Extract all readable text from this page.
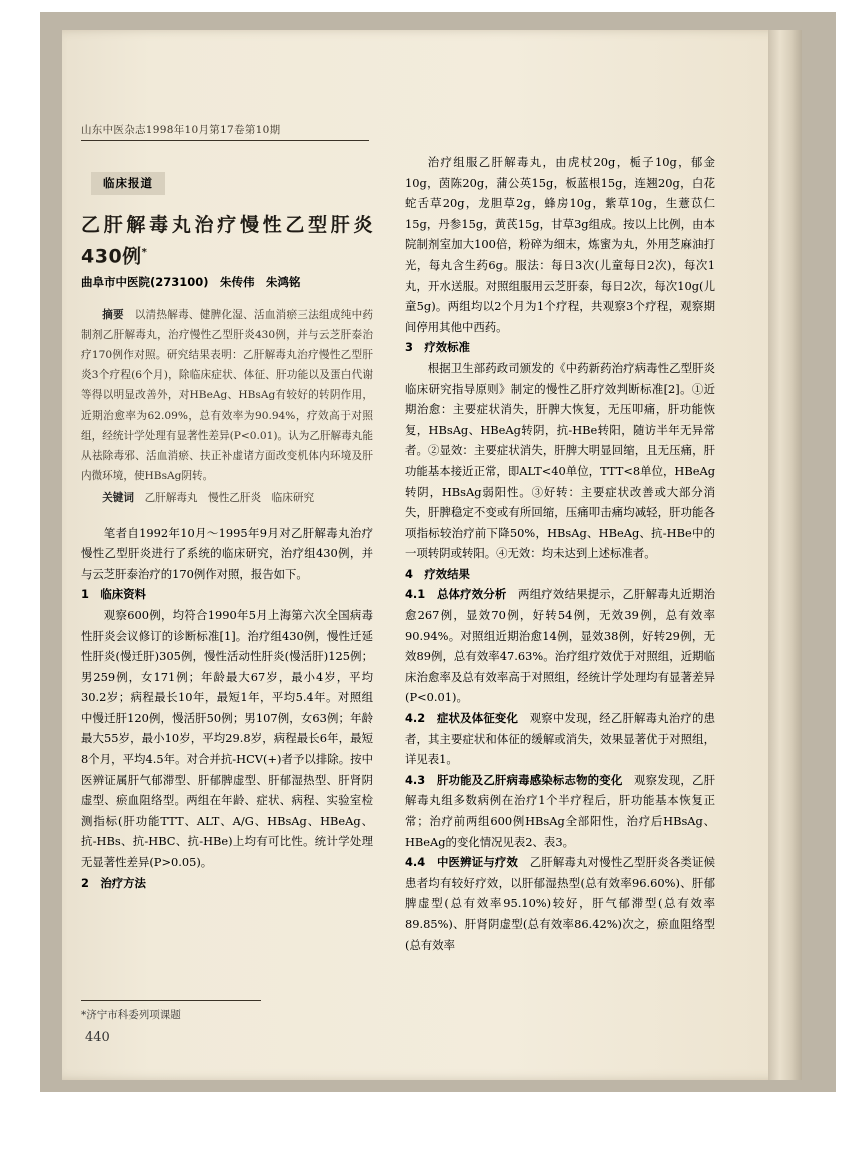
山东中医杂志1998年10月第17卷第10期
临床报道
乙肝解毒丸治疗慢性乙型肝炎430例*
曲阜市中医院(273100)　朱传伟　朱鸿铭

摘要　 以清热解毒、健脾化湿、活血消瘀三法组成纯中药制剂乙肝解毒丸，治疗慢性乙型肝炎430例，并与云芝肝泰治疗170例作对照。研究结果表明：乙肝解毒丸治疗慢性乙型肝炎3个疗程(6个月)，除临床症状、体征、肝功能以及蛋白代谢等得以明显改善外，对HBeAg、HBsAg有较好的转阴作用，近期治愈率为62.09%，总有效率为90.94%，疗效高于对照组，经统计学处理有显著性差异(P<0.01)。认为乙肝解毒丸能从祛除毒邪、活血消瘀、扶正补虚诸方面改变机体内环境及肝内微环境，使HBsAg阴转。

关键词　 乙肝解毒丸　慢性乙肝炎　临床研究

笔者自1992年10月～1995年9月对乙肝解毒丸治疗慢性乙型肝炎进行了系统的临床研究，治疗组430例，并与云芝肝泰治疗的170例作对照，报告如下。

1　临床资料

观察600例，均符合1990年5月上海第六次全国病毒性肝炎会议修订的诊断标准[1]。治疗组430例，慢性迁延性肝炎(慢迁肝)305例，慢性活动性肝炎(慢活肝)125例；男259例，女171例；年龄最大67岁，最小4岁，平均30.2岁；病程最长10年，最短1年，平均5.4年。对照组中慢迁肝120例，慢活肝50例；男107例，女63例；年龄最大55岁，最小10岁，平均29.8岁，病程最长6年，最短8个月，平均4.5年。对合并抗-HCV(+)者予以排除。按中医辨证属肝气郁滞型、肝郁脾虚型、肝郁湿热型、肝肾阴虚型、瘀血阻络型。两组在年龄、症状、病程、实验室检测指标(肝功能TTT、ALT、A/G、HBsAg、HBeAg、抗-HBs、抗-HBC、抗-HBe)上均有可比性。统计学处理无显著性差异(P>0.05)。

2　治疗方法

*济宁市科委列项课题
440

治疗组服乙肝解毒丸，由虎杖20g，栀子10g，郁金10g，茵陈20g，蒲公英15g，板蓝根15g，连翘20g，白花蛇舌草20g，龙胆草2g，蜂房10g，紫草10g，生薏苡仁15g，丹参15g，黄芪15g，甘草3g组成。按以上比例，由本院制剂室加大100倍，粉碎为细末，炼蜜为丸，外用芝麻油打光，每丸含生药6g。服法：每日3次(儿童每日2次)，每次1丸，开水送服。对照组服用云芝肝泰，每日2次，每次10g(儿童5g)。两组均以2个月为1个疗程，共观察3个疗程，观察期间停用其他中西药。

3　疗效标准

根据卫生部药政司颁发的《中药新药治疗病毒性乙型肝炎临床研究指导原则》制定的慢性乙肝疗效判断标准[2]。①近期治愈：主要症状消失，肝脾大恢复，无压叩痛，肝功能恢复，HBsAg、HBeAg转阴，抗-HBe转阳，随访半年无异常者。②显效：主要症状消失，肝脾大明显回缩，且无压痛，肝功能基本接近正常，即ALT<40单位，TTT<8单位，HBeAg转阴，HBsAg弱阳性。③好转：主要症状改善或大部分消失，肝脾稳定不变或有所回缩，压痛叩击痛均减轻，肝功能各项指标较治疗前下降50%，HBsAg、HBeAg、抗-HBe中的一项转阴或转阳。④无效：均未达到上述标准者。

4　疗效结果

4.1　总体疗效分析　 两组疗效结果提示，乙肝解毒丸近期治愈267例，显效70例，好转54例，无效39例，总有效率90.94%。对照组近期治愈14例，显效38例，好转29例，无效89例，总有效率47.63%。治疗组疗效优于对照组，近期临床治愈率及总有效率高于对照组，经统计学处理均有显著差异(P<0.01)。

4.2　症状及体征变化　 观察中发现，经乙肝解毒丸治疗的患者，其主要症状和体征的缓解或消失，效果显著优于对照组，详见表1。

4.3　肝功能及乙肝病毒感染标志物的变化　 观察发现，乙肝解毒丸组多数病例在治疗1个半疗程后，肝功能基本恢复正常；治疗前两组600例HBsAg全部阳性，治疗后HBsAg、HBeAg的变化情况见表2、表3。

4.4　中医辨证与疗效　 乙肝解毒丸对慢性乙型肝炎各类证候患者均有较好疗效，以肝郁湿热型(总有效率96.60%)、肝郁脾虚型(总有效率95.10%)较好，肝气郁滞型(总有效率89.85%)、肝肾阴虚型(总有效率86.42%)次之，瘀血阻络型(总有效率
